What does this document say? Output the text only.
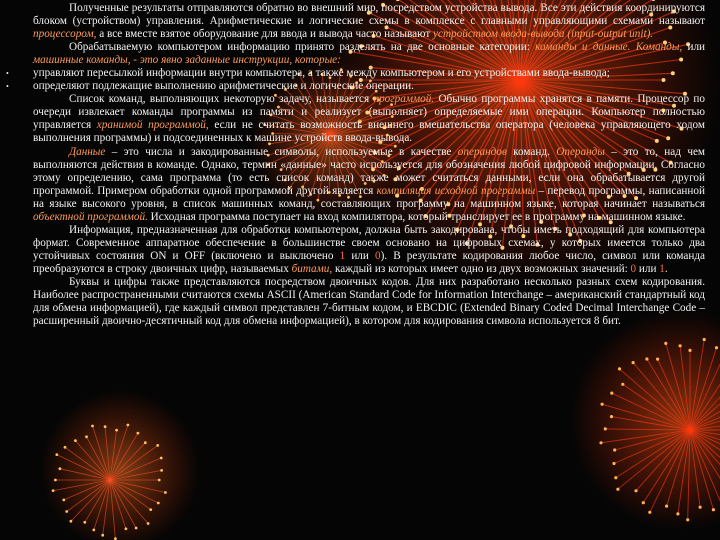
Полученные результаты отправляются обратно во внешний мир, посредством устройства вывода. Все эти действия координируются блоком (устройством) управления. Арифметические и логические схемы в комплексе с главными управляющими схемами называют процессором, а все вместе взятое оборудование для ввода и вывода часто называют устройством ввода-вывода (input-output unit).

Обрабатываемую компьютером информацию принято разделять на две основные категории: команды и данные. Команды, или машинные команды, - это явно заданные инструкции, которые:

• управляют пересылкой информации внутри компьютера, а также между компьютером и его устройствами ввода-вывода;
• определяют подлежащие выполнению арифметические и логические операции.

Список команд, выполняющих некоторую задачу, называется программой. Обычно программы хранятся в памяти. Процессор по очереди извлекает команды программы из памяти и реализует (выполняет) определяемые ими операции. Компьютер полностью управляется хранимой программой, если не считать возможность внешнего вмешательства оператора (человека управляющего ходом выполнения программы) и подсоединенных к машине устройств ввода-вывода.

Данные – это числа и закодированные символы, используемые в качестве операндов команд. Операнды – это то, над чем выполняются действия в команде. Однако, термин «данные» часто используется для обозначения любой цифровой информации. Согласно этому определению, сама программа (то есть список команд) также может считаться данными, если она обрабатывается другой программой. Примером обработки одной программой другой является компиляция исходной программы – перевод программы, написанной на языке высокого уровня, в список машинных команд, составляющих программу на машинном языке, которая начинает называться объектной программой. Исходная программа поступает на вход компилятора, который транслирует ее в программу на машинном языке.

Информация, предназначенная для обработки компьютером, должна быть закодирована, чтобы иметь подходящий для компьютера формат. Современное аппаратное обеспечение в большинстве своем основано на цифровых схемах, у которых имеется только два устойчивых состояния ON и OFF (включено и выключено 1 или 0). В результате кодирования любое число, символ или команда преобразуются в строку двоичных цифр, называемых битами, каждый из которых имеет одно из двух возможных значений: 0 или 1.

Буквы и цифры также представляются посредством двоичных кодов. Для них разработано несколько разных схем кодирования. Наиболее распространенными считаются схемы ASCII (American Standard Code for Information Interchange – американский стандартный код для обмена информацией), где каждый символ представлен 7-битным кодом, и EBCDIC (Extended Binary Coded Decimal Interchange Code – расширенный двоично-десятичный код для обмена информацией), в котором для кодирования символа используется 8 бит.
